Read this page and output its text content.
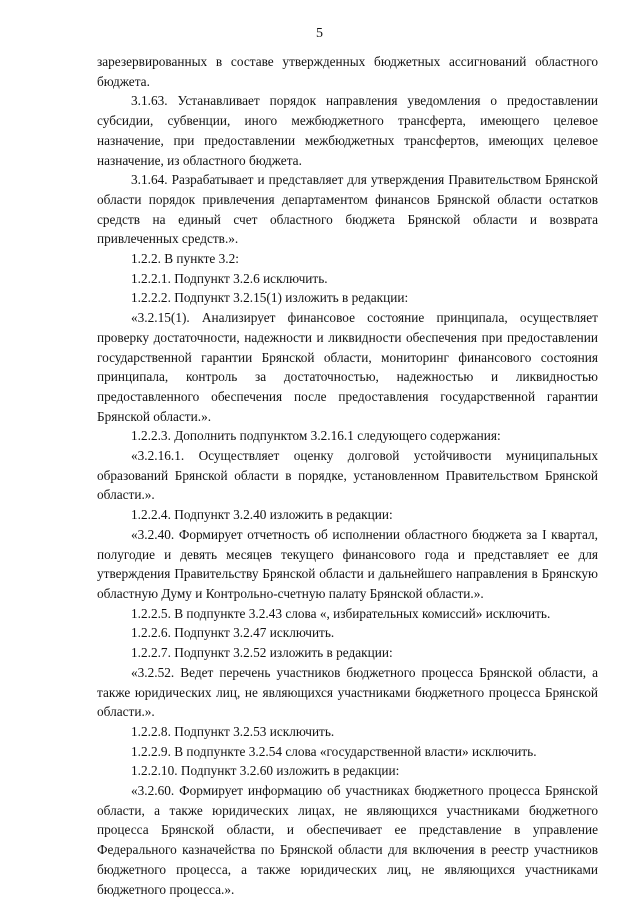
5

зарезервированных в составе утвержденных бюджетных ассигнований областного бюджета.

3.1.63. Устанавливает порядок направления уведомления о предоставлении субсидии, субвенции, иного межбюджетного трансферта, имеющего целевое назначение, при предоставлении межбюджетных трансфертов, имеющих целевое назначение, из областного бюджета.

3.1.64. Разрабатывает и представляет для утверждения Правительством Брянской области порядок привлечения департаментом финансов Брянской области остатков средств на единый счет областного бюджета Брянской области и возврата привлеченных средств.».

1.2.2. В пункте 3.2:

1.2.2.1. Подпункт 3.2.6 исключить.

1.2.2.2. Подпункт 3.2.15(1) изложить в редакции:

«3.2.15(1). Анализирует финансовое состояние принципала, осуществляет проверку достаточности, надежности и ликвидности обеспечения при предоставлении государственной гарантии Брянской области, мониторинг финансового состояния принципала, контроль за достаточностью, надежностью и ликвидностью предоставленного обеспечения после предоставления государственной гарантии Брянской области.».

1.2.2.3. Дополнить подпунктом 3.2.16.1 следующего содержания:

«3.2.16.1. Осуществляет оценку долговой устойчивости муниципальных образований Брянской области в порядке, установленном Правительством Брянской области.».

1.2.2.4. Подпункт 3.2.40 изложить в редакции:

«3.2.40. Формирует отчетность об исполнении областного бюджета за I квартал, полугодие и девять месяцев текущего финансового года и представляет ее для утверждения Правительству Брянской области и дальнейшего направления в Брянскую областную Думу и Контрольно-счетную палату Брянской области.».

1.2.2.5. В подпункте 3.2.43 слова «, избирательных комиссий» исключить.

1.2.2.6. Подпункт 3.2.47 исключить.

1.2.2.7. Подпункт 3.2.52 изложить в редакции:

«3.2.52. Ведет перечень участников бюджетного процесса Брянской области, а также юридических лиц, не являющихся участниками бюджетного процесса Брянской области.».

1.2.2.8. Подпункт 3.2.53 исключить.

1.2.2.9. В подпункте 3.2.54 слова «государственной власти» исключить.

1.2.2.10. Подпункт 3.2.60 изложить в редакции:

«3.2.60. Формирует информацию об участниках бюджетного процесса Брянской области, а также юридических лицах, не являющихся участниками бюджетного процесса Брянской области, и обеспечивает ее представление в управление Федерального казначейства по Брянской области для включения в реестр участников бюджетного процесса, а также юридических лиц, не являющихся участниками бюджетного процесса.».
